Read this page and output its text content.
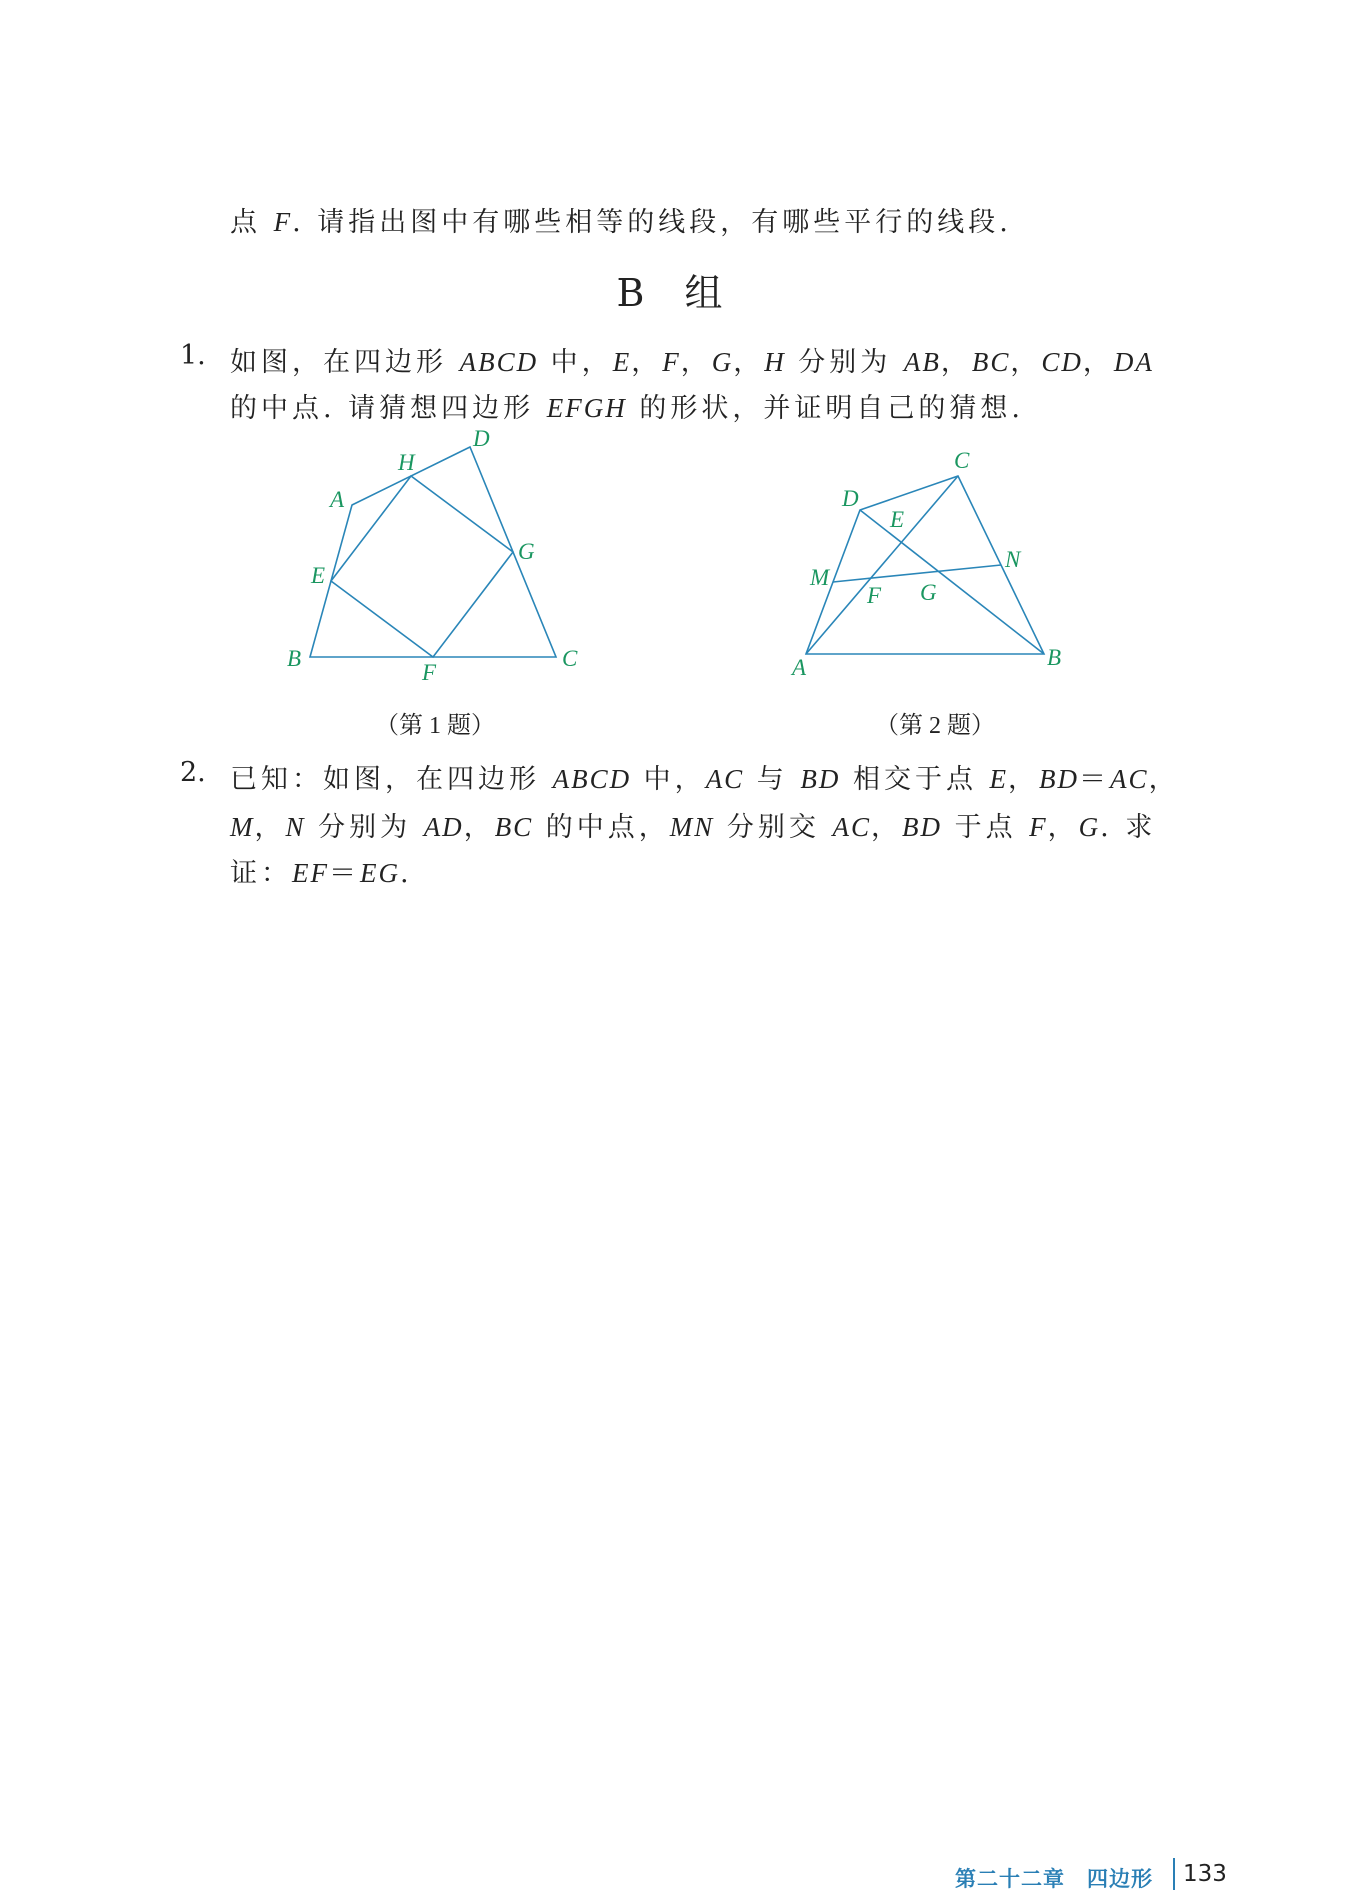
点 F. 请指出图中有哪些相等的线段，有哪些平行的线段.
B 组
1. 如图，在四边形 ABCD 中，E，F，G，H 分别为 AB，BC，CD，DA
的中点. 请猜想四边形 EFGH 的形状，并证明自己的猜想.
A
B	C
D
E
F
G
H
（第 1 题）
A	B
C
D
E
F G
M
N
（第 2 题）
2. 已知：如图，在四边形 ABCD 中，AC 与 BD 相交于点 E，BD＝AC，
M，N 分别为 AD，BC 的中点，MN 分别交 AC，BD 于点 F，G. 求
证：EF＝EG.
第二十二章　四边形 133
